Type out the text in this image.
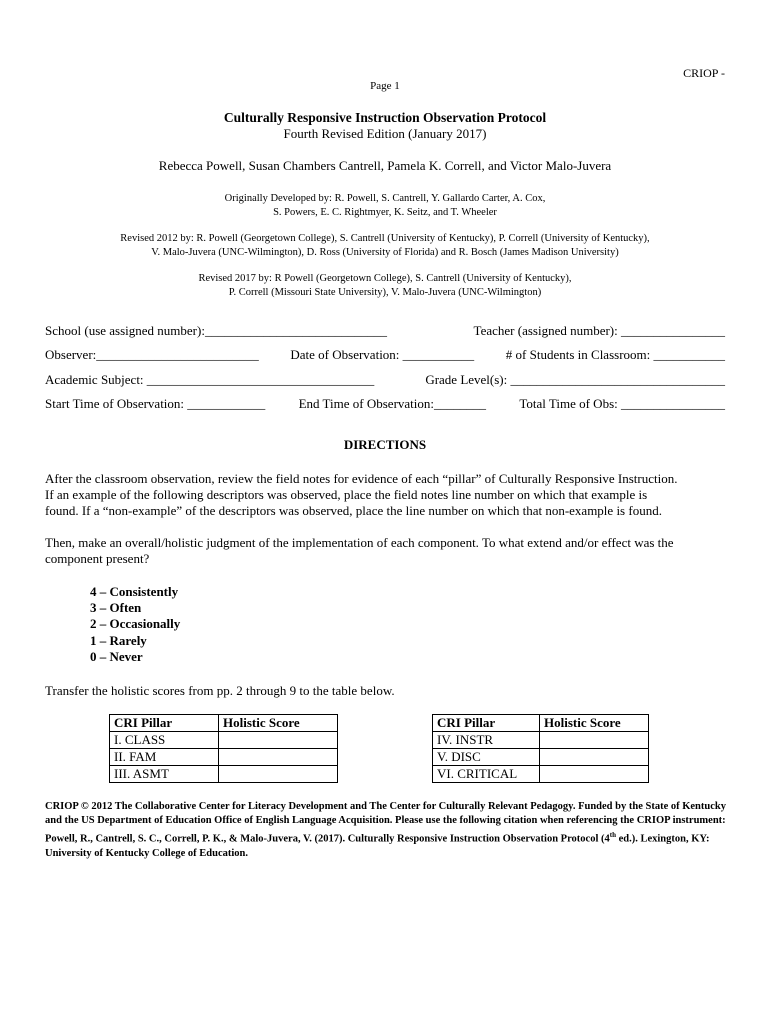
CRIOP -
Page 1
Culturally Responsive Instruction Observation Protocol
Fourth Revised Edition (January 2017)
Rebecca Powell, Susan Chambers Cantrell, Pamela K. Correll, and Victor Malo-Juvera
Originally Developed by: R. Powell, S. Cantrell, Y. Gallardo Carter, A. Cox,
S. Powers, E. C. Rightmyer, K. Seitz, and T. Wheeler
Revised 2012 by: R. Powell (Georgetown College), S. Cantrell (University of Kentucky), P. Correll (University of Kentucky),
V. Malo-Juvera (UNC-Wilmington), D. Ross (University of Florida) and R. Bosch (James Madison University)
Revised 2017 by: R Powell (Georgetown College), S. Cantrell (University of Kentucky),
P. Correll (Missouri State University), V. Malo-Juvera (UNC-Wilmington)
School (use assigned number):____________________________	Teacher (assigned number): ________________
Observer:_________________________ Date of Observation: ___________ # of Students in Classroom: ___________
Academic Subject: ___________________________________	Grade Level(s): _________________________________
Start Time of Observation: ____________	End Time of Observation:________	Total Time of Obs: ________________
DIRECTIONS
After the classroom observation, review the field notes for evidence of each “pillar” of Culturally Responsive Instruction.
If an example of the following descriptors was observed, place the field notes line number on which that example is
found. If a “non-example” of the descriptors was observed, place the line number on which that non-example is found.
Then, make an overall/holistic judgment of the implementation of each component. To what extend and/or effect was the
component present?
4 – Consistently
3 – Often
2 – Occasionally
1 – Rarely
0 – Never
Transfer the holistic scores from pp. 2 through 9 to the table below.
CRI Pillar	Holistic Score
I. CLASS	
II. FAM	
III. ASMT	
CRI Pillar	Holistic Score
IV. INSTR	
V. DISC	
VI. CRITICAL	
CRIOP © 2012 The Collaborative Center for Literacy Development and The Center for Culturally Relevant Pedagogy. Funded by the State of Kentucky and the US Department of Education Office of English Language Acquisition. Please use the following citation when referencing the CRIOP instrument: Powell, R., Cantrell, S. C., Correll, P. K., & Malo-Juvera, V. (2017). Culturally Responsive Instruction Observation Protocol (4th ed.). Lexington, KY: University of Kentucky College of Education.
